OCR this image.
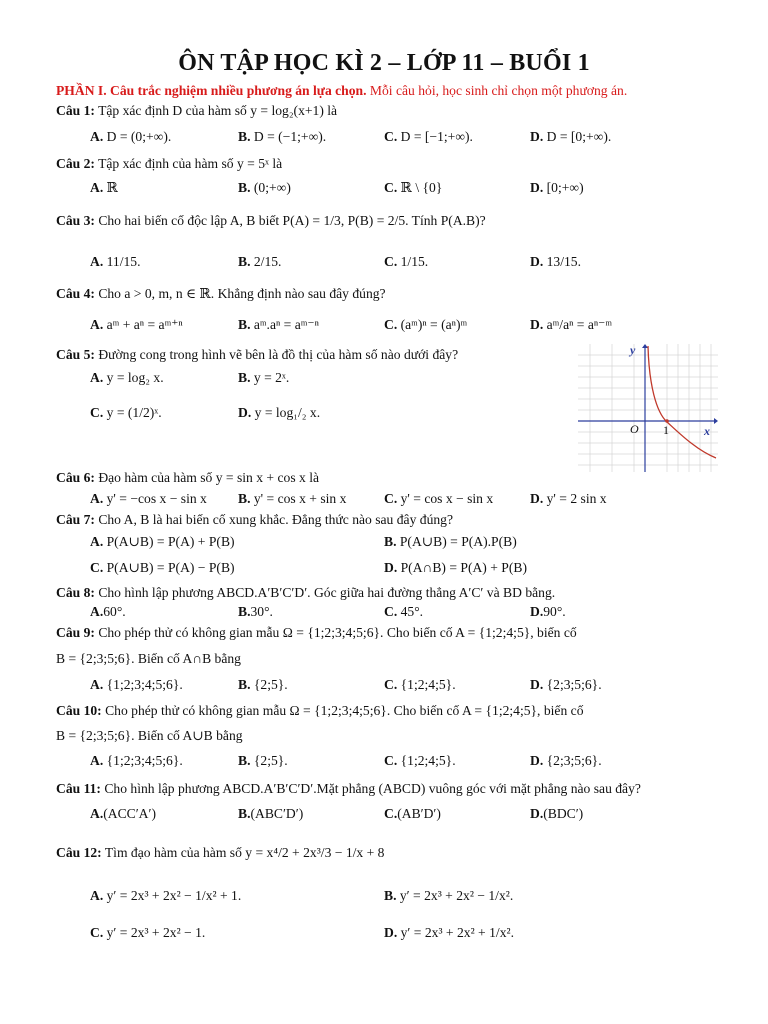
ÔN TẬP HỌC KÌ 2 – LỚP 11 – BUỔI 1
PHẦN I. Câu trắc nghiệm nhiều phương án lựa chọn. Mỗi câu hỏi, học sinh chỉ chọn một phương án.
Câu 1: Tập xác định D của hàm số y = log₂(x+1) là
A. D = (0;+∞).	B. D = (−1;+∞).	C. D = [−1;+∞).	D. D = [0;+∞).
Câu 2: Tập xác định của hàm số y = 5ˣ là
A. ℝ	B. (0;+∞)	C. ℝ \ {0}	D. [0;+∞)
Câu 3: Cho hai biến cố độc lập A, B biết P(A) = 1/3, P(B) = 2/5. Tính P(A.B)?
A. 11/15.	B. 2/15.	C. 1/15.	D. 13/15.
Câu 4: Cho a > 0, m, n ∈ ℝ. Khẳng định nào sau đây đúng?
A. aᵐ + aⁿ = aᵐ⁺ⁿ	B. aᵐ.aⁿ = aᵐ⁻ⁿ	C. (aᵐ)ⁿ = (aⁿ)ᵐ	D. aᵐ/aⁿ = aⁿ⁻ᵐ
Câu 5: Đường cong trong hình vẽ bên là đồ thị của hàm số nào dưới đây?
A. y = log₂ x.	B. y = 2ˣ.
C. y = (1/2)ˣ.	D. y = log₁/₂ x.
y
x
O 1
Câu 6: Đạo hàm của hàm số y = sin x + cos x là
A. y' = −cos x − sin x B. y' = cos x + sin x	C. y' = cos x − sin x	D. y' = 2 sin x
Câu 7: Cho A, B là hai biến cố xung khắc. Đẳng thức nào sau đây đúng?
A. P(A∪B) = P(A) + P(B)	B. P(A∪B) = P(A).P(B)
C. P(A∪B) = P(A) − P(B)	D. P(A∩B) = P(A) + P(B)
Câu 8: Cho hình lập phương ABCD.A′B′C′D′. Góc giữa hai đường thẳng A′C′ và BD bằng.
A.60°.	B.30°.	C. 45°.	D.90°.
Câu 9: Cho phép thử có không gian mẫu Ω = {1;2;3;4;5;6}. Cho biến cố A = {1;2;4;5}, biến cố
B = {2;3;5;6}. Biến cố A∩B bằng
A. {1;2;3;4;5;6}.	B. {2;5}.	C. {1;2;4;5}.	D. {2;3;5;6}.
Câu 10: Cho phép thử có không gian mẫu Ω = {1;2;3;4;5;6}. Cho biến cố A = {1;2;4;5}, biến cố
B = {2;3;5;6}. Biến cố A∪B bằng
A. {1;2;3;4;5;6}.	B. {2;5}.	C. {1;2;4;5}.	D. {2;3;5;6}.
Câu 11: Cho hình lập phương ABCD.A′B′C′D′.Mặt phẳng (ABCD) vuông góc với mặt phẳng nào sau đây?
A.(ACC′A′)	B.(ABC′D′)	C.(AB′D′)	D.(BDC′)
Câu 12: Tìm đạo hàm của hàm số y = x⁴/2 + 2x³/3 − 1/x + 8
A. y′ = 2x³ + 2x² − 1/x² + 1.	B. y′ = 2x³ + 2x² − 1/x².
C. y′ = 2x³ + 2x² − 1.	D. y′ = 2x³ + 2x² + 1/x².
